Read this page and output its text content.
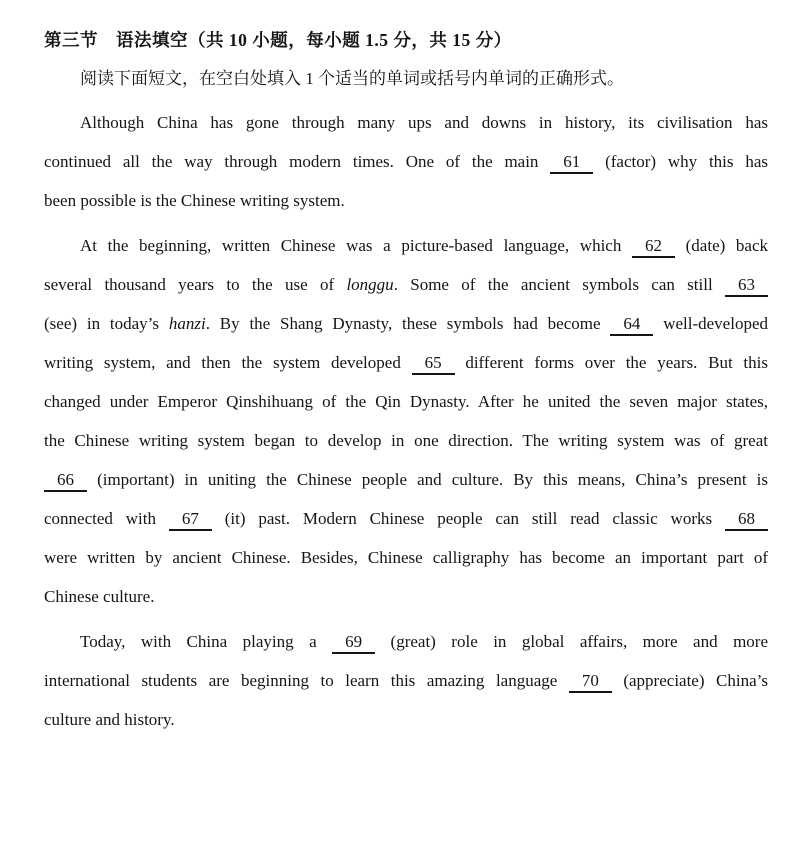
第三节　语法填空（共 10 小题，每小题 1.5 分，共 15 分）
阅读下面短文，在空白处填入 1 个适当的单词或括号内单词的正确形式。
Although China has gone through many ups and downs in history, its civilisation has
continued all the way through modern times. One of the main 61 (factor) why this has
been possible is the Chinese writing system.
At the beginning, written Chinese was a picture-based language, which 62 (date) back
several thousand years to the use of longgu. Some of the ancient symbols can still 63
(see) in today’s hanzi. By the Shang Dynasty, these symbols had become 64 well-developed
writing system, and then the system developed 65 different forms over the years. But this
changed under Emperor Qinshihuang of the Qin Dynasty. After he united the seven major states,
the Chinese writing system began to develop in one direction. The writing system was of great
66 (important) in uniting the Chinese people and culture. By this means, China’s present is
connected with 67 (it) past. Modern Chinese people can still read classic works 68
were written by ancient Chinese. Besides, Chinese calligraphy has become an important part of
Chinese culture.
Today, with China playing a 69 (great) role in global affairs, more and more
international students are beginning to learn this amazing language 70 (appreciate) China’s
culture and history.
